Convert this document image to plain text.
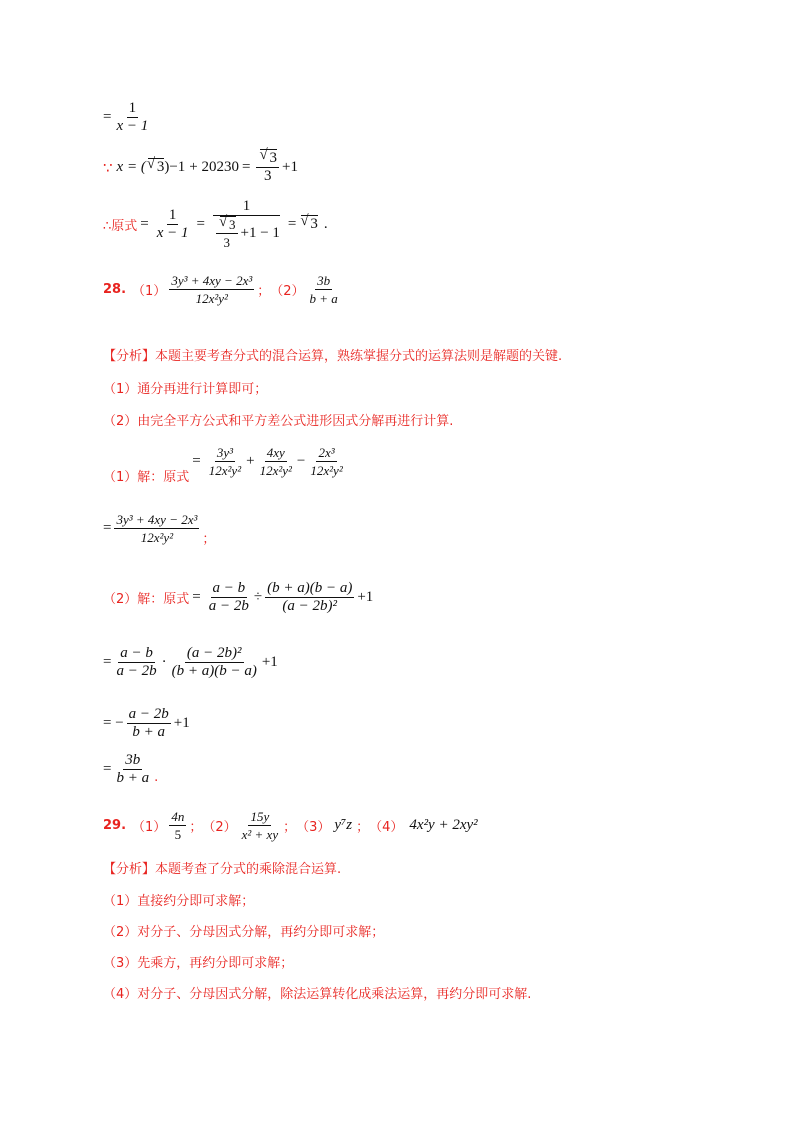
= $\frac{1}{x - 1}$
∵ x = ( √ 3 ) −1 + 2023 0 = √ $\frac{3}{3} +1$
∴原式 = $\frac{1}{x - 1} = 1$
√ $\frac{3}{3} +1 - 1$ = √ 3 .
28. $(1) \frac{\text{3y³ + 4xy − 2x³}}{\text{12x²y²}}$ ； $(2) \frac{3b}{b + a}$
【分析】本题主要考查分式的混合运算，熟练掌握分式的运算法则是解题的关键.
（1）通分再进行计算即可；
（2）由完全平方公式和平方差公式进形因式分解再进行计算.
（1）解：原式
= $\frac{\text{3y³}}{\text{12x²y²}} + \frac{4xy}{\text{12x²y²}} - \frac{\text{2x³}}{\text{12x²y²}}$
= $\frac{\text{3y³ + 4xy − 2x³}}{\text{12x²y²}}$ ；
（2）解：原式 = $\frac{a - b}{a - 2b} \div \frac{(b + a)(b - a)}{\text{(a − 2b)²}} +1$
= $\frac{a - b}{a - 2b} \cdot \frac{\text{(a − 2b)²}}{(b + a)(b - a)} +1$
= − $\frac{a - 2b}{b + a} +1$
= $\frac{3b}{b + a}$ .
29. $(1) \frac{4n}{5}$ ； $(2) \frac{15y}{\text{x² + xy}}$ ； （3） y⁷z ； （4） 4x²y + 2xy²
【分析】本题考查了分式的乘除混合运算.
（1）直接约分即可求解；
（2）对分子、分母因式分解，再约分即可求解；
（3）先乘方，再约分即可求解；
（4）对分子、分母因式分解，除法运算转化成乘法运算，再约分即可求解.
